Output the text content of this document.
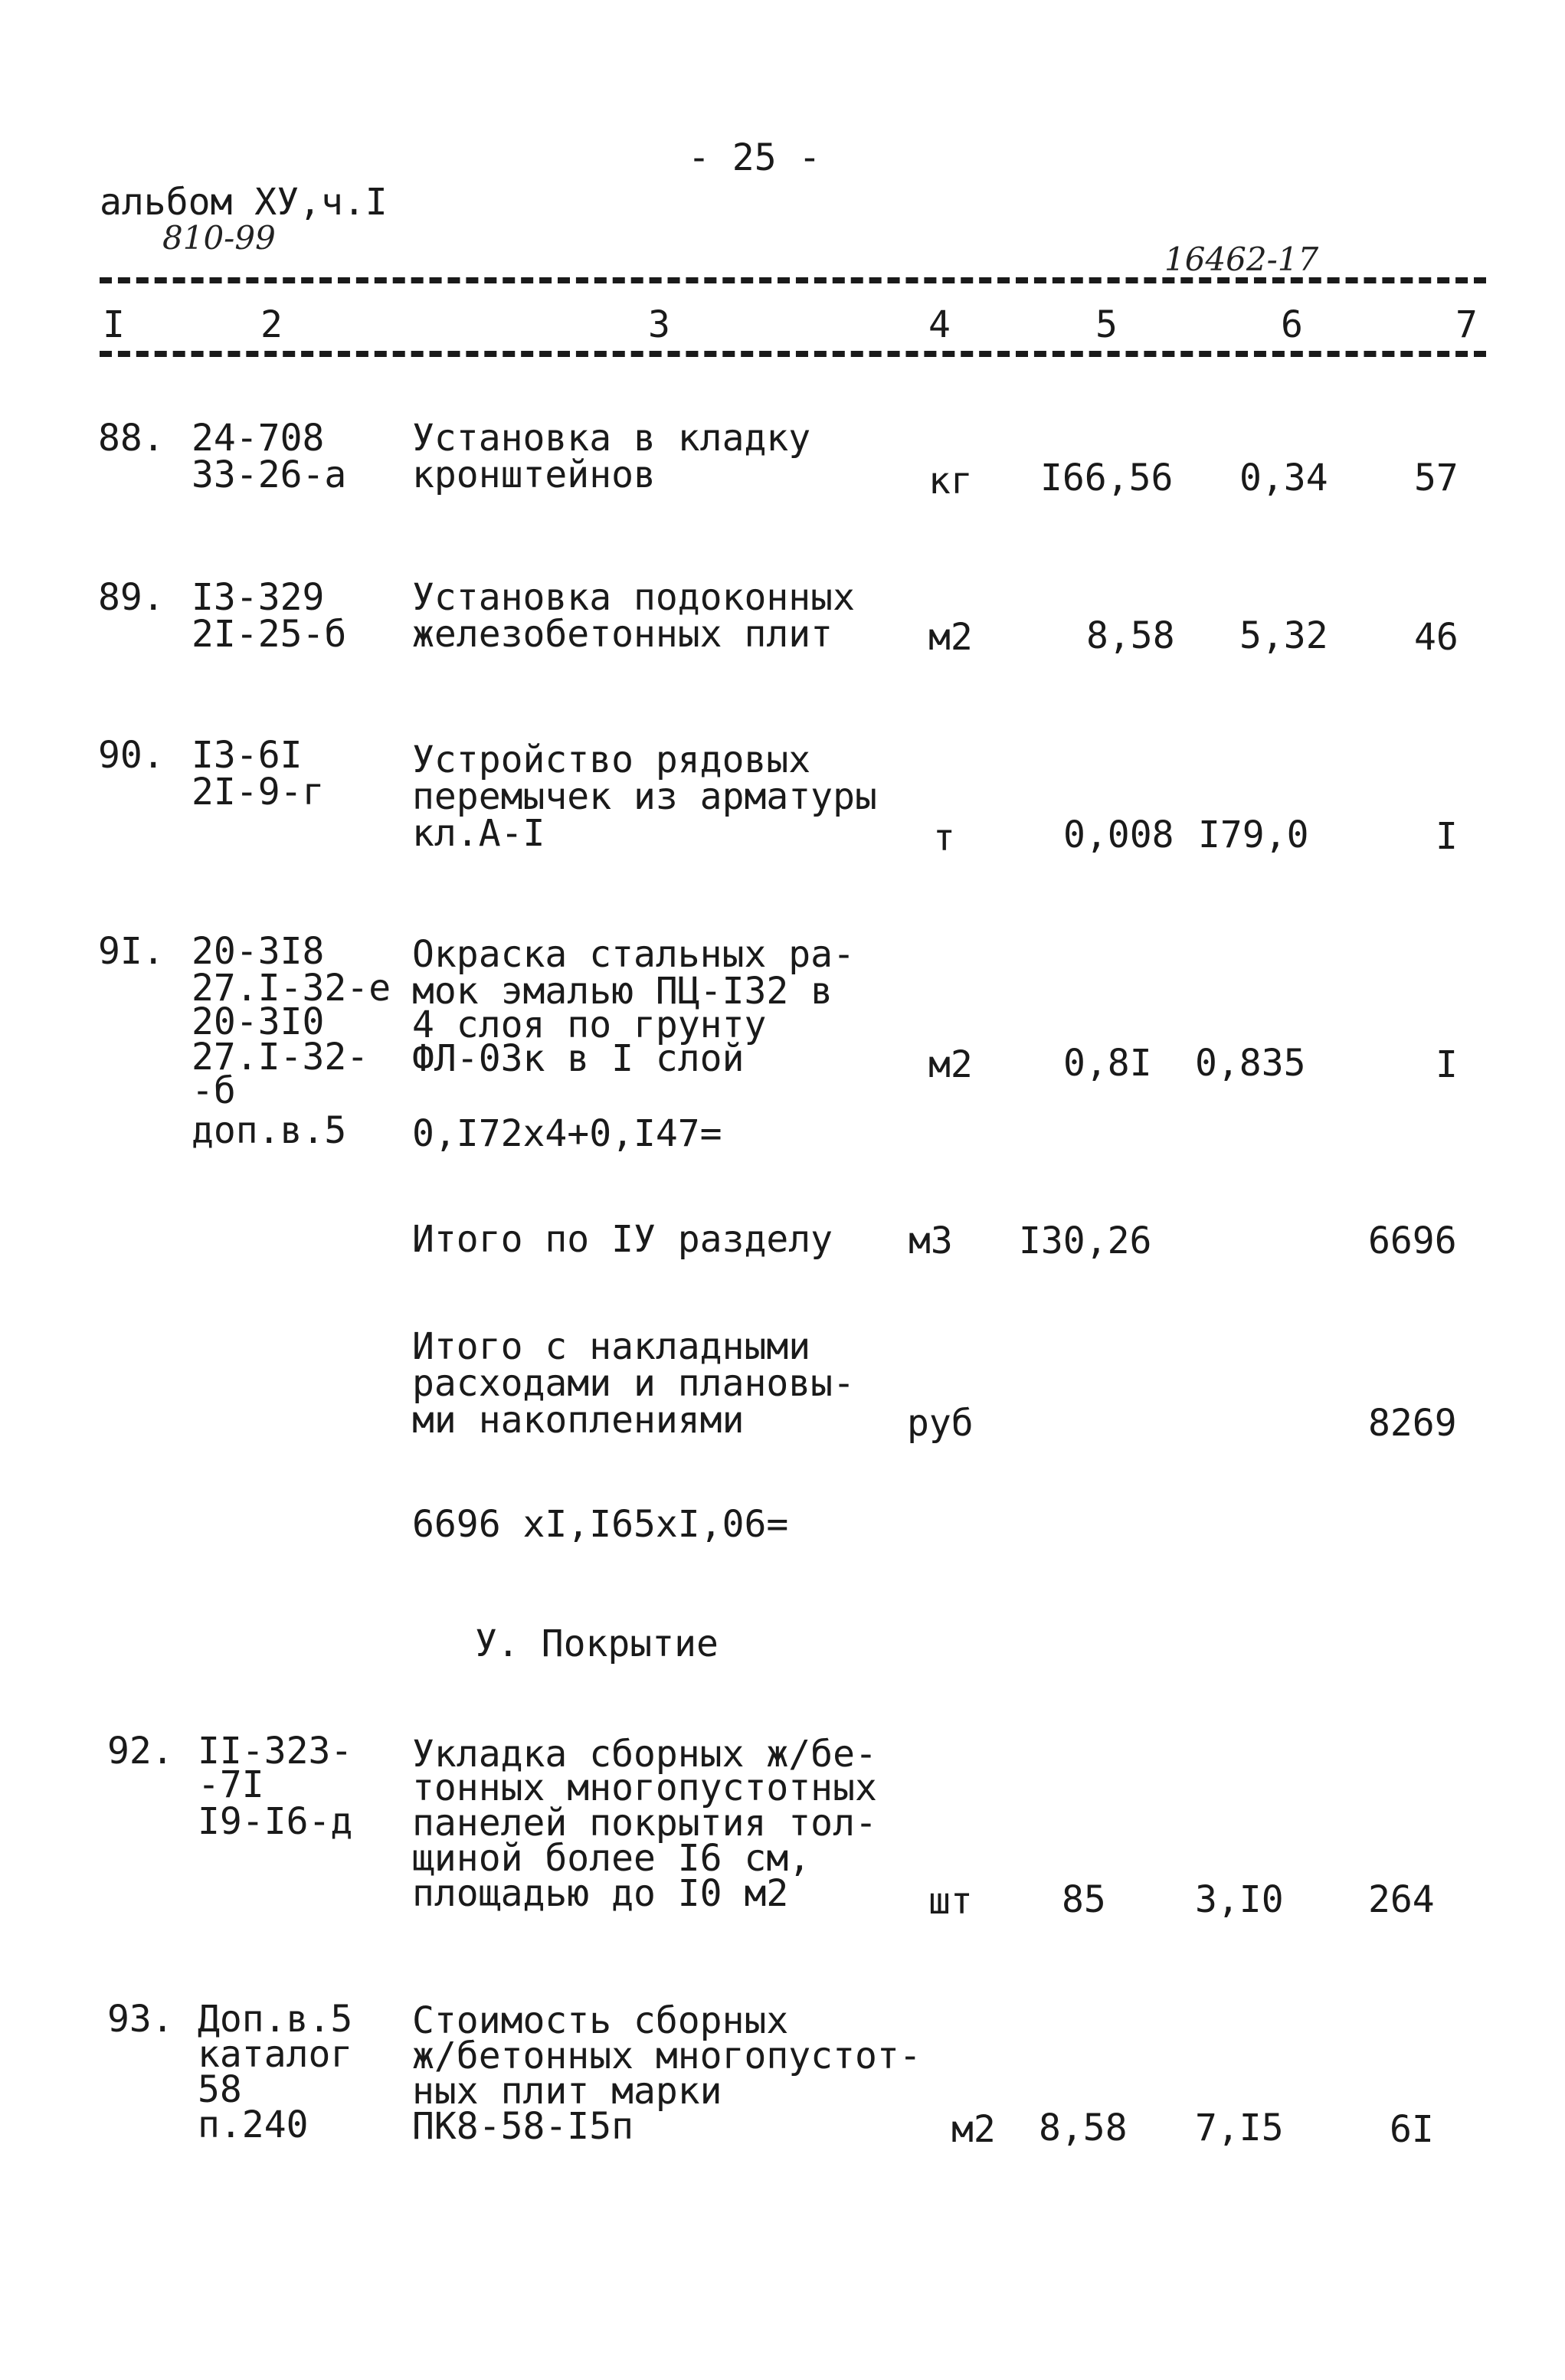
- 25 -
альбом ХУ,ч.I
810-99
16462-17
I	2	3	4	5	6	7
88. 24-708
33-26-а
Установка в кладку
кронштейнов	кг I66,56 0,34 57
89. I3-329
2I-25-б
Установка подоконных
железобетонных плит	м2	8,58 5,32 46
90. I3-6I
2I-9-г
Устройство рядовых
перемычек из арматуры
кл.А-I	т	0,008 I79,0	I
9I. 20-3I8
27.I-32-е
20-3I0
27.I-32-
-б
доп.в.5
Окраска стальных ра-
мок эмалью ПЦ-I32 в
4 слоя по грунту
ФЛ-03к в I слой
0,I72x4+0,I47=
м2 0,8I 0,835	I
Итого по IУ разделу м3 I30,26	6696
Итого с накладными
расходами и плановы-
ми накоплениями	руб	8269
6696 xI,I65xI,06=
У. Покрытие
92. II-323-
-7I
I9-I6-д
Укладка сборных ж/бе-
тонных многопустотных
панелей покрытия тол-
щиной более I6 см,
площадью до I0 м2	шт 85 3,I0 264
93. Доп.в.5
каталог
58
п.240
Стоимость сборных
ж/бетонных многопустот-
ных плит марки
ПК8-58-I5п	м2 8,58 7,I5	6I
